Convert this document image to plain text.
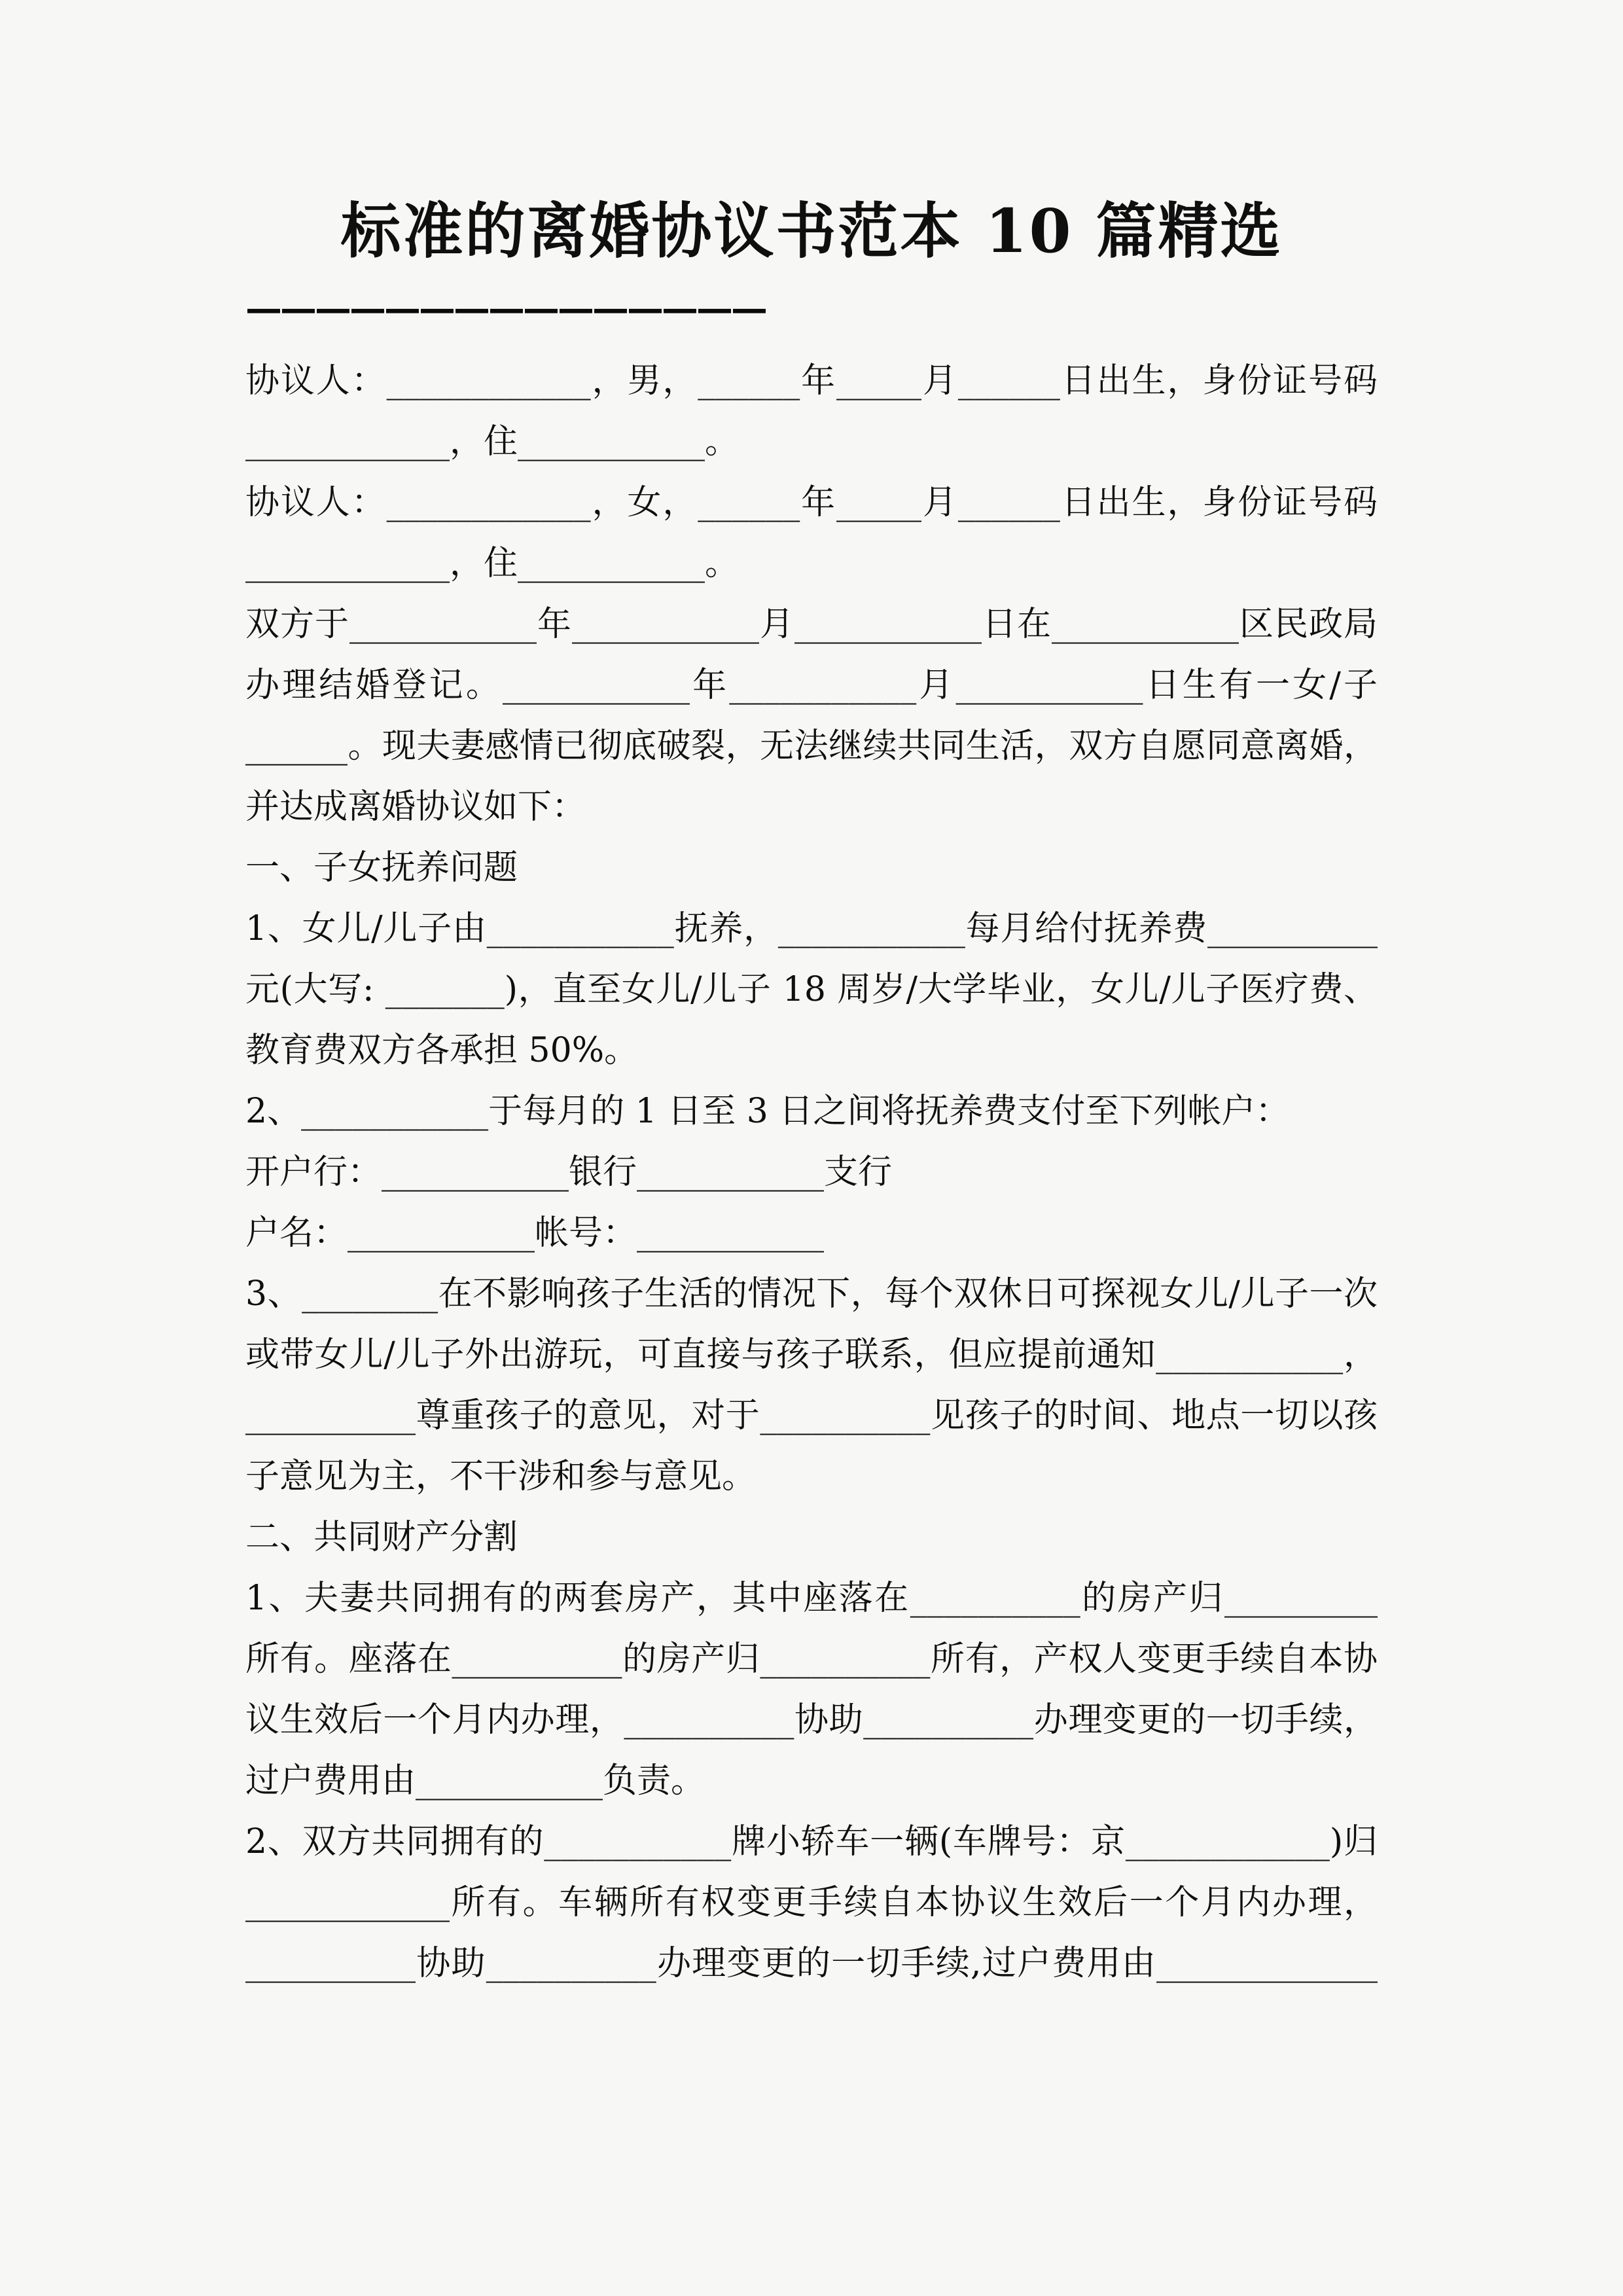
标准的离婚协议书范本 10 篇精选
———————————————
协议人：____________，男，______年_____月______日出生，身份证号码
____________，住___________。
协议人：____________，女，______年_____月______日出生，身份证号码
____________，住___________。
双方于___________年___________月___________日在___________区民政局
办理结婚登记。___________年___________月___________日生有一女/子
______。现夫妻感情已彻底破裂，无法继续共同生活，双方自愿同意离婚，
并达成离婚协议如下：
一、子女抚养问题
1、女儿/儿子由___________抚养，___________每月给付抚养费__________
元(大写: _______)，直至女儿/儿子 18 周岁/大学毕业，女儿/儿子医疗费、
教育费双方各承担 50%。
2、___________于每月的 1 日至 3 日之间将抚养费支付至下列帐户：
开户行：___________银行___________支行
户名：___________帐号：___________
3、________在不影响孩子生活的情况下，每个双休日可探视女儿/儿子一次
或带女儿/儿子外出游玩，可直接与孩子联系，但应提前通知___________，
__________尊重孩子的意见，对于__________见孩子的时间、地点一切以孩
子意见为主，不干涉和参与意见。
二、共同财产分割
1、夫妻共同拥有的两套房产，其中座落在__________的房产归_________
所有。座落在__________的房产归__________所有，产权人变更手续自本协
议生效后一个月内办理，__________协助__________办理变更的一切手续，
过户费用由___________负责。
2、双方共同拥有的___________牌小轿车一辆(车牌号：京____________)归
____________所有。车辆所有权变更手续自本协议生效后一个月内办理，
__________协助__________办理变更的一切手续,过户费用由_____________
